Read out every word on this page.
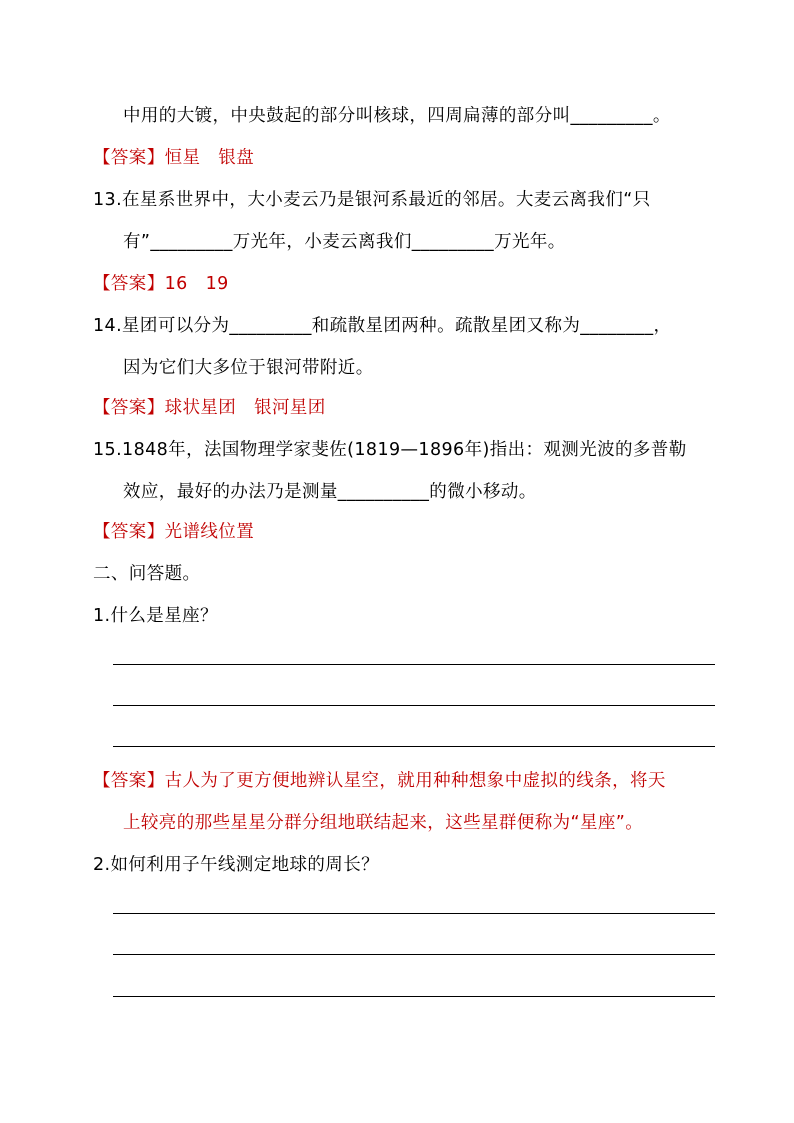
中用的大镀，中央鼓起的部分叫核球，四周扁薄的部分叫_________。
【答案】恒星　银盘
13.在星系世界中，大小麦云乃是银河系最近的邻居。大麦云离我们“只
有”_________万光年，小麦云离我们_________万光年。
【答案】16　19
14.星团可以分为_________和疏散星团两种。疏散星团又称为________，
因为它们大多位于银河带附近。
【答案】球状星团　银河星团
15.1848年，法国物理学家斐佐(1819—1896年)指出：观测光波的多普勒
效应，最好的办法乃是测量__________的微小移动。
【答案】光谱线位置
二、问答题。
1.什么是星座？
【答案】古人为了更方便地辨认星空，就用种种想象中虚拟的线条，将天
上较亮的那些星星分群分组地联结起来，这些星群便称为“星座”。
2.如何利用子午线测定地球的周长？
